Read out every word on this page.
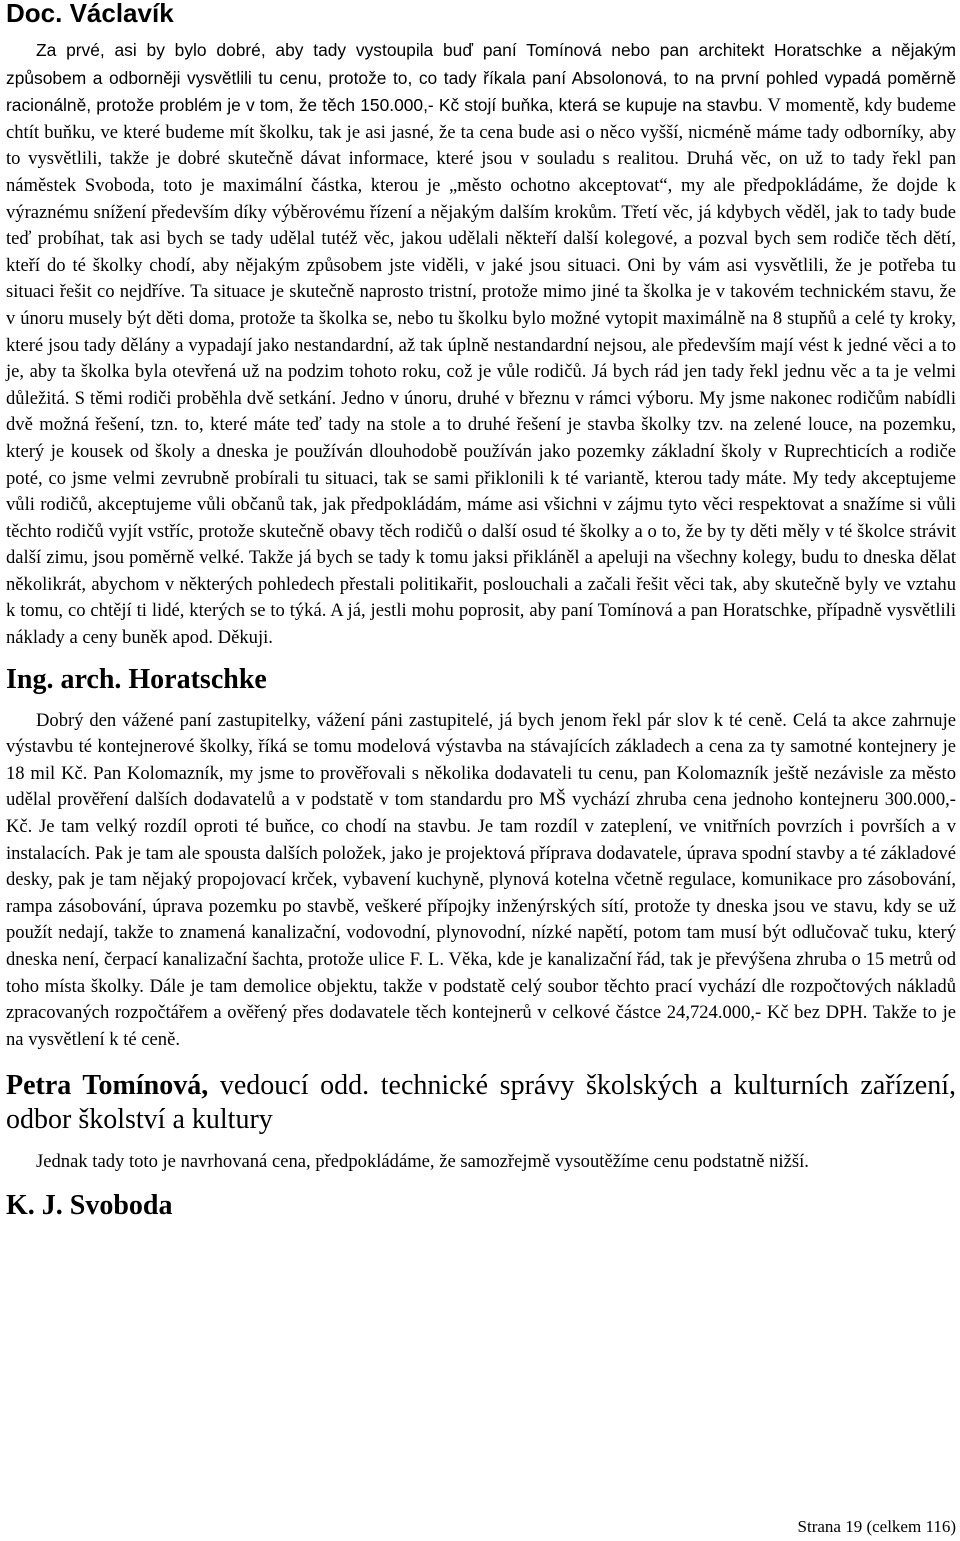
Doc. Václavík

Za prvé, asi by bylo dobré, aby tady vystoupila buď paní Tomínová nebo pan architekt Horatschke a nějakým způsobem a odborněji vysvětlili tu cenu, protože to, co tady říkala paní Absolonová, to na první pohled vypadá poměrně racionálně, protože problém je v tom, že těch 150.000,- Kč stojí buňka, která se kupuje na stavbu. V momentě, kdy budeme chtít buňku, ve které budeme mít školku, tak je asi jasné, že ta cena bude asi o něco vyšší, nicméně máme tady odborníky, aby to vysvětlili, takže je dobré skutečně dávat informace, které jsou v souladu s realitou. Druhá věc, on už to tady řekl pan náměstek Svoboda, toto je maximální částka, kterou je „město ochotno akceptovat“, my ale předpokládáme, že dojde k výraznému snížení především díky výběrovému řízení a nějakým dalším krokům. Třetí věc, já kdybych věděl, jak to tady bude teď probíhat, tak asi bych se tady udělal tutéž věc, jakou udělali někteří další kolegové, a pozval bych sem rodiče těch dětí, kteří do té školky chodí, aby nějakým způsobem jste viděli, v jaké jsou situaci. Oni by vám asi vysvětlili, že je potřeba tu situaci řešit co nejdříve. Ta situace je skutečně naprosto tristní, protože mimo jiné ta školka je v takovém technickém stavu, že v únoru musely být děti doma, protože ta školka se, nebo tu školku bylo možné vytopit maximálně na 8 stupňů a celé ty kroky, které jsou tady dělány a vypadají jako nestandardní, až tak úplně nestandardní nejsou, ale především mají vést k jedné věci a to je, aby ta školka byla otevřená už na podzim tohoto roku, což je vůle rodičů. Já bych rád jen tady řekl jednu věc a ta je velmi důležitá. S těmi rodiči proběhla dvě setkání. Jedno v únoru, druhé v březnu v rámci výboru. My jsme nakonec rodičům nabídli dvě možná řešení, tzn. to, které máte teď tady na stole a to druhé řešení je stavba školky tzv. na zelené louce, na pozemku, který je kousek od školy a dneska je používán dlouhodobě používán jako pozemky základní školy v Ruprechticích a rodiče poté, co jsme velmi zevrubně probírali tu situaci, tak se sami přiklonili k té variantě, kterou tady máte. My tedy akceptujeme vůli rodičů, akceptujeme vůli občanů tak, jak předpokládám, máme asi všichni v zájmu tyto věci respektovat a snažíme si vůli těchto rodičů vyjít vstříc, protože skutečně obavy těch rodičů o další osud té školky a o to, že by ty děti měly v té školce strávit další zimu, jsou poměrně velké. Takže já bych se tady k tomu jaksi přikláněl a apeluji na všechny kolegy, budu to dneska dělat několikrát, abychom v některých pohledech přestali politikařit, poslouchali a začali řešit věci tak, aby skutečně byly ve vztahu k tomu, co chtějí ti lidé, kterých se to týká. A já, jestli mohu poprosit, aby paní Tomínová a pan Horatschke, případně vysvětlili náklady a ceny buněk apod. Děkuji.

Ing. arch. Horatschke

Dobrý den vážené paní zastupitelky, vážení páni zastupitelé, já bych jenom řekl pár slov k té ceně. Celá ta akce zahrnuje výstavbu té kontejnerové školky, říká se tomu modelová výstavba na stávajících základech a cena za ty samotné kontejnery je 18 mil Kč. Pan Kolomazník, my jsme to prověřovali s několika dodavateli tu cenu, pan Kolomazník ještě nezávisle za město udělal prověření dalších dodavatelů a v podstatě v tom standardu pro MŠ vychází zhruba cena jednoho kontejneru 300.000,- Kč. Je tam velký rozdíl oproti té buňce, co chodí na stavbu. Je tam rozdíl v zateplení, ve vnitřních povrzích i površích a v instalacích. Pak je tam ale spousta dalších položek, jako je projektová příprava dodavatele, úprava spodní stavby a té základové desky, pak je tam nějaký propojovací krček, vybavení kuchyně, plynová kotelna včetně regulace, komunikace pro zásobování, rampa zásobování, úprava pozemku po stavbě, veškeré přípojky inženýrských sítí, protože ty dneska jsou ve stavu, kdy se už použít nedají, takže to znamená kanalizační, vodovodní, plynovodní, nízké napětí, potom tam musí být odlučovač tuku, který dneska není, čerpací kanalizační šachta, protože ulice F. L. Věka, kde je kanalizační řád, tak je převýšena zhruba o 15 metrů od toho místa školky. Dále je tam demolice objektu, takže v podstatě celý soubor těchto prací vychází dle rozpočtových nákladů zpracovaných rozpočtářem a ověřený přes dodavatele těch kontejnerů v celkové částce 24,724.000,- Kč bez DPH. Takže to je na vysvětlení k té ceně.

Petra Tomínová, vedoucí odd. technické správy školských a kulturních zařízení, odbor školství a kultury

Jednak tady toto je navrhovaná cena, předpokládáme, že samozřejmě vysoutěžíme cenu podstatně nižší.

K. J. Svoboda
Strana 19 (celkem 116)
